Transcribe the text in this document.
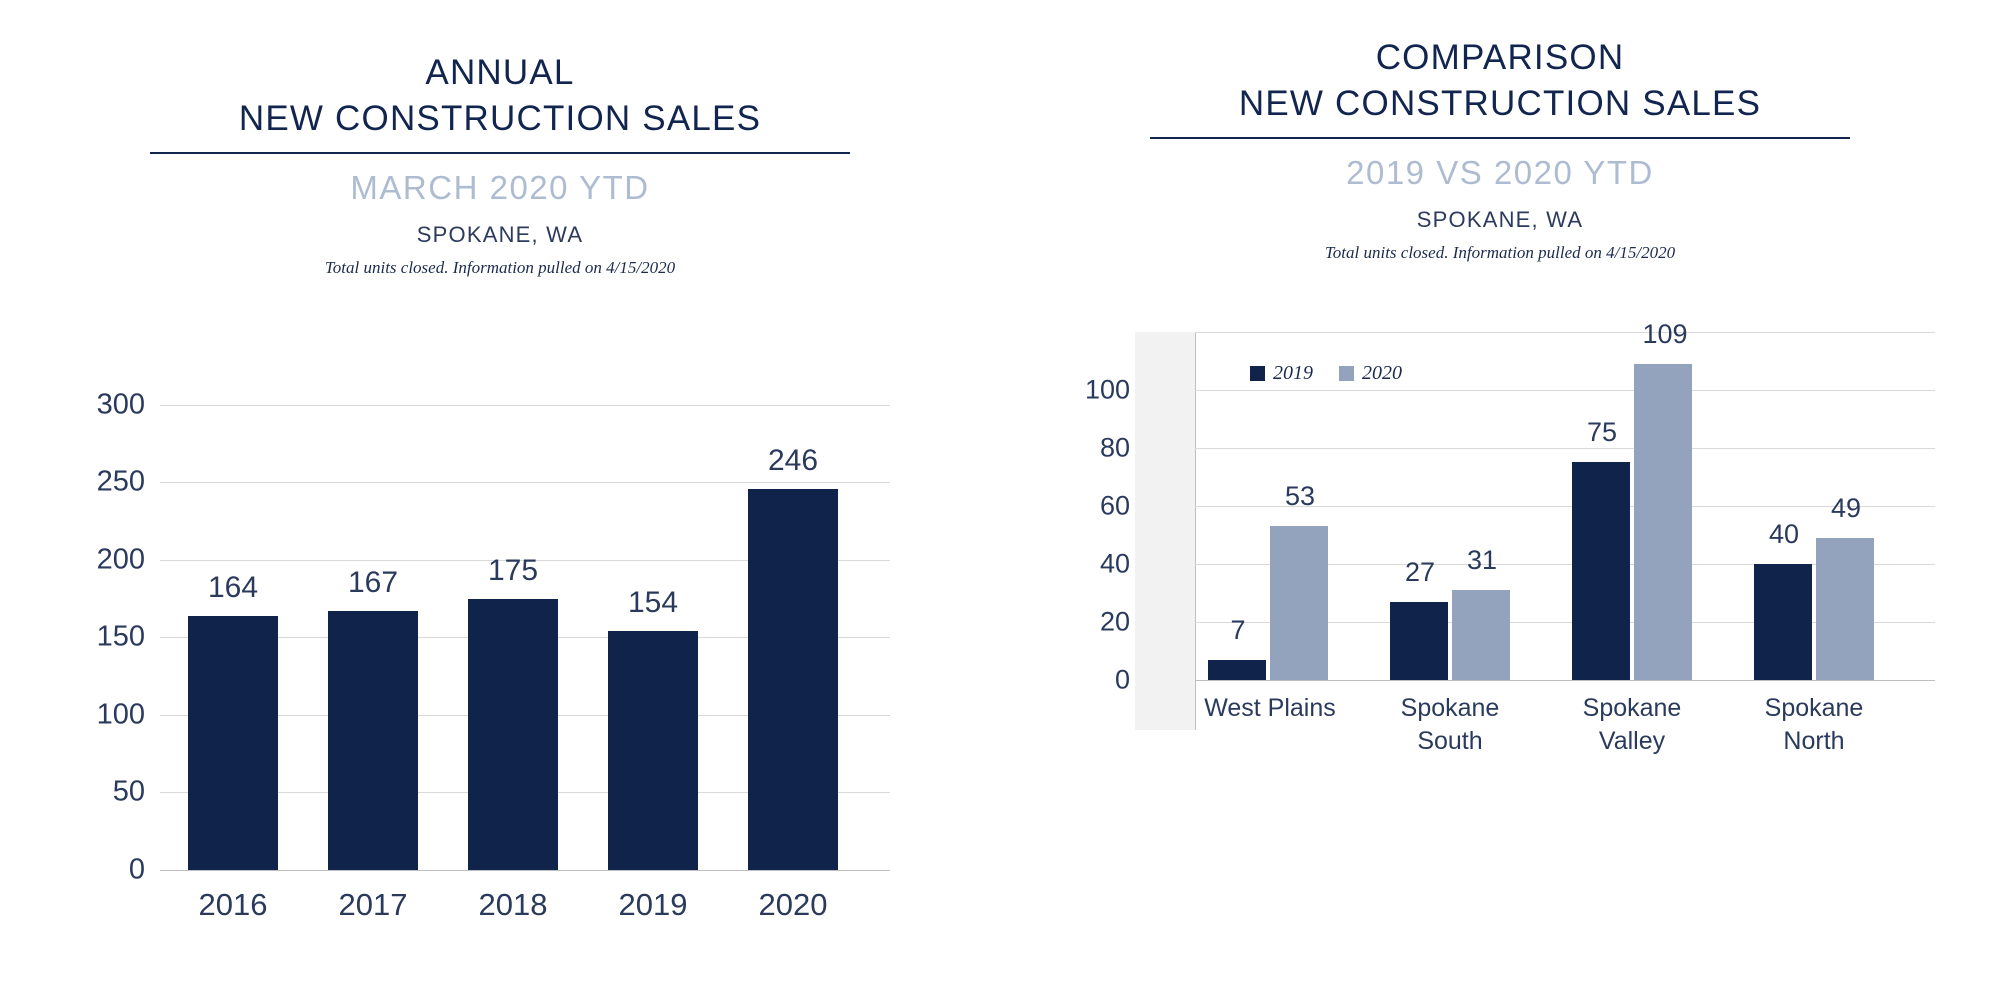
ANNUAL
NEW CONSTRUCTION SALES
MARCH 2020 YTD
SPOKANE, WA
Total units closed. Information pulled on 4/15/2020
300
250
200
150
100
50
0
164
2016
167
2017
175
2018
154
2019
246
2020
COMPARISON
NEW CONSTRUCTION SALES
2019 VS 2020 YTD
SPOKANE, WA
Total units closed. Information pulled on 4/15/2020
100
80
60
40
20
0
2019 2020
7
53
West Plains
27	31
Spokane
South
75
109
Spokane
Valley
40
49
Spokane
North
